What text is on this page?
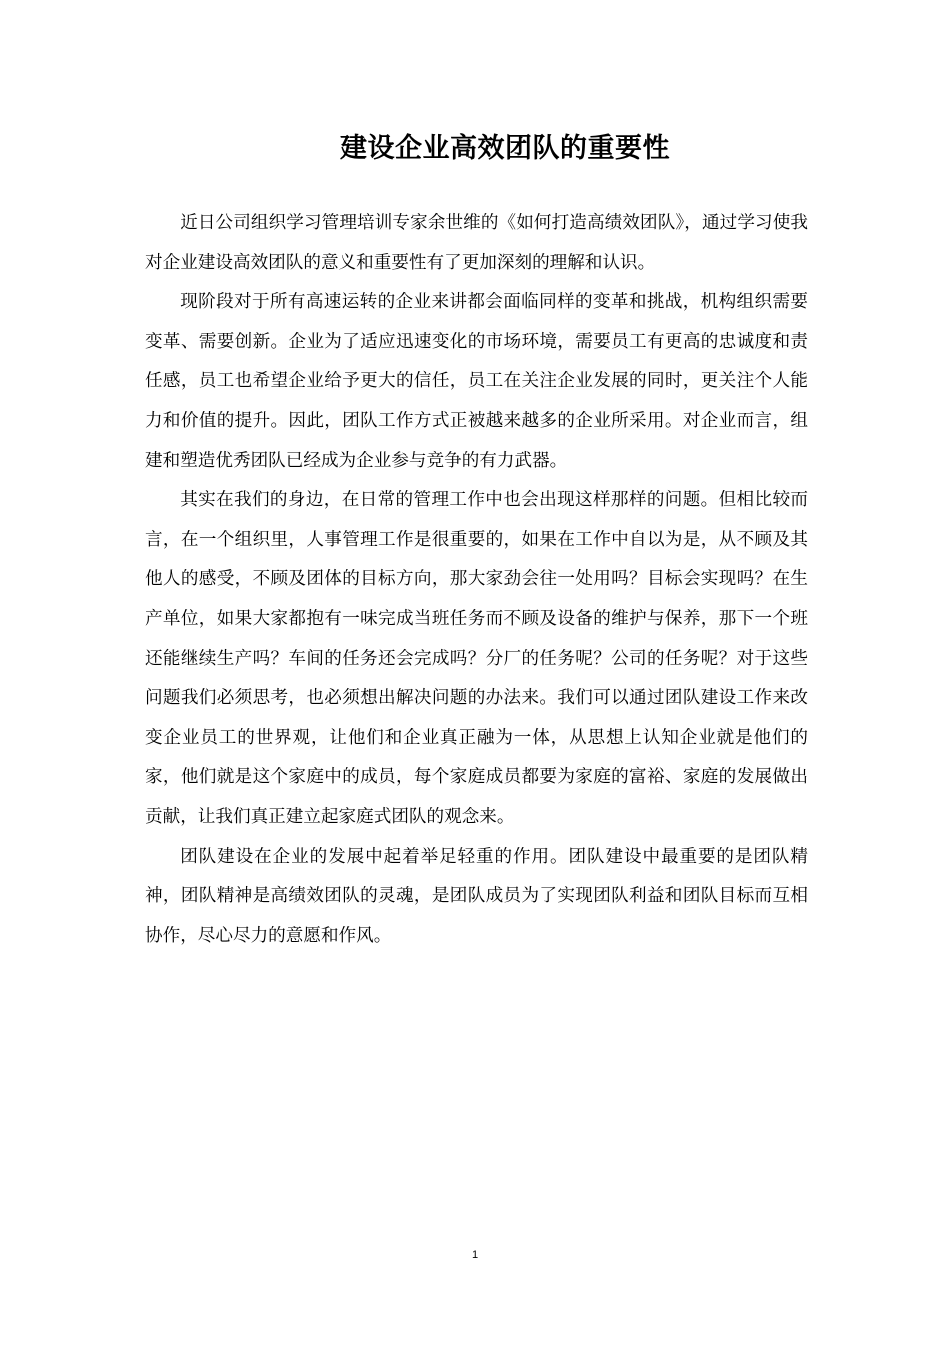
建设企业高效团队的重要性

近日公司组织学习管理培训专家余世维的《如何打造高绩效团队》，通过学习使我对企业建设高效团队的意义和重要性有了更加深刻的理解和认识。

现阶段对于所有高速运转的企业来讲都会面临同样的变革和挑战，机构组织需要变革、需要创新。企业为了适应迅速变化的市场环境，需要员工有更高的忠诚度和责任感，员工也希望企业给予更大的信任，员工在关注企业发展的同时，更关注个人能力和价值的提升。因此，团队工作方式正被越来越多的企业所采用。对企业而言，组建和塑造优秀团队已经成为企业参与竞争的有力武器。

其实在我们的身边，在日常的管理工作中也会出现这样那样的问题。但相比较而言，在一个组织里，人事管理工作是很重要的，如果在工作中自以为是，从不顾及其他人的感受，不顾及团体的目标方向，那大家劲会往一处用吗？目标会实现吗？在生产单位，如果大家都抱有一味完成当班任务而不顾及设备的维护与保养，那下一个班还能继续生产吗？车间的任务还会完成吗？分厂的任务呢？公司的任务呢？对于这些问题我们必须思考，也必须想出解决问题的办法来。我们可以通过团队建设工作来改变企业员工的世界观，让他们和企业真正融为一体，从思想上认知企业就是他们的家，他们就是这个家庭中的成员，每个家庭成员都要为家庭的富裕、家庭的发展做出贡献，让我们真正建立起家庭式团队的观念来。

团队建设在企业的发展中起着举足轻重的作用。团队建设中最重要的是团队精神，团队精神是高绩效团队的灵魂，是团队成员为了实现团队利益和团队目标而互相协作，尽心尽力的意愿和作风。

1
